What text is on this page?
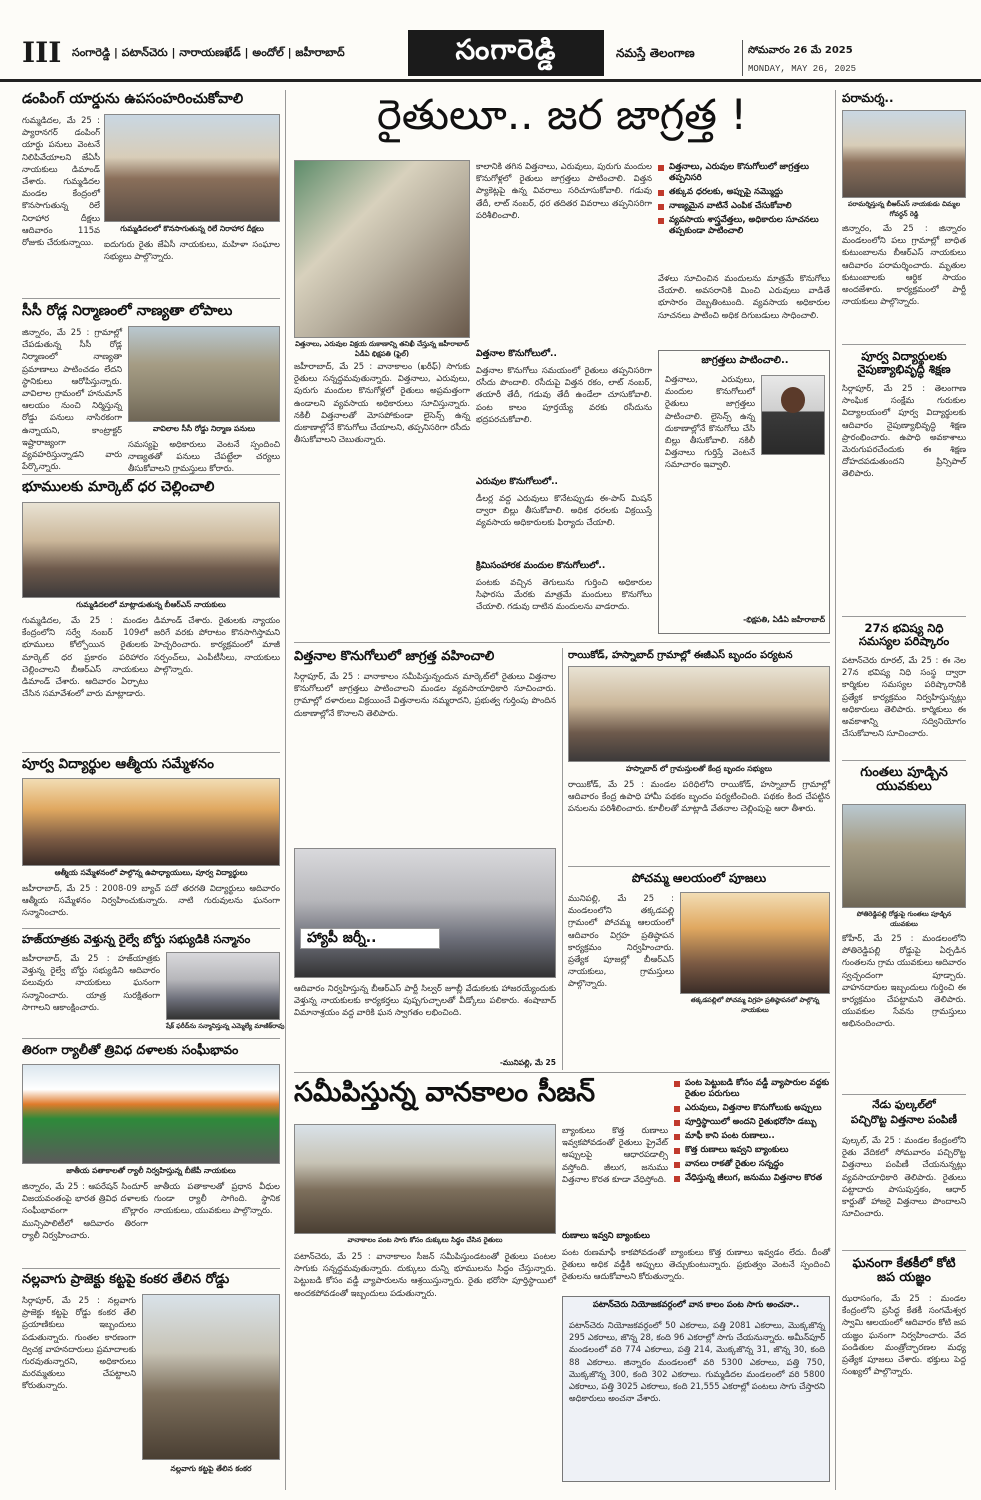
III సంగారెడ్డి | పటాన్‌చెరు | నారాయణఖేడ్ | అందోల్ | జహీరాబాద్	సంగారెడ్డి	నమస్తే తెలంగాణ	సోమవారం 26 మే 2025
MONDAY, MAY 26, 2025
డంపింగ్ యార్డును ఉపసంహరించుకోవాలి
గుమ్మడిదల, మే 25 : ప్యారానగర్ డంపింగ్ యార్డు పనులు వెంటనే నిలిపివేయాలని జేఏసీ నాయకులు డిమాండ్ చేశారు. గుమ్మడిదల మండల కేంద్రంలో కొనసాగుతున్న రిలే నిరాహార దీక్షలు ఆదివారం 115వ రోజుకు చేరుకున్నాయి.
గుమ్మడిదలలో కొనసాగుతున్న రిలే నిరాహార దీక్షలు
ఐదుగురు రైతు జేఏసీ నాయకులు, మహిళా సంఘాల సభ్యులు పాల్గొన్నారు.
సీసీ రోడ్ల నిర్మాణంలో నాణ్యతా లోపాలు
జిన్నారం, మే 25 : గ్రామాల్లో చేపడుతున్న సీసీ రోడ్ల నిర్మాణంలో నాణ్యతా ప్రమాణాలు పాటించడం లేదని స్థానికులు ఆరోపిస్తున్నారు. వావిలాల గ్రామంలో హనుమాన్ ఆలయం నుంచి నిర్మిస్తున్న రోడ్డు పనులు నాసిరకంగా ఉన్నాయని, కాంట్రాక్టర్ ఇష్టారాజ్యంగా వ్యవహరిస్తున్నాడని వారు పేర్కొన్నారు.
వావిలాల సీసీ రోడ్డు నిర్మాణ పనులు
సమస్యపై అధికారులు వెంటనే స్పందించి నాణ్యతతో పనులు చేపట్టేలా చర్యలు తీసుకోవాలని గ్రామస్తులు కోరారు.
భూములకు మార్కెట్ ధర చెల్లించాలి
గుమ్మడిదలలో మాట్లాడుతున్న బీఆర్ఎస్ నాయకులు
గుమ్మడిదల, మే 25 : మండల కేంద్రంలోని సర్వే నంబర్ 109లో భూములు కోల్పోయిన రైతులకు మార్కెట్ ధర ప్రకారం పరిహారం చెల్లించాలని బీఆర్ఎస్ నాయకులు డిమాండ్ చేశారు. ఆదివారం ఏర్పాటు చేసిన సమావేశంలో వారు మాట్లాడారు.
డిమాండ్ చేశారు. రైతులకు న్యాయం జరిగే వరకు పోరాటం కొనసాగిస్తామని హెచ్చరించారు. కార్యక్రమంలో మాజీ సర్పంచ్‌లు, ఎంపీటీసీలు, నాయకులు పాల్గొన్నారు.
పూర్వ విద్యార్థుల ఆత్మీయ సమ్మేళనం
ఆత్మీయ సమ్మేళనంలో పాల్గొన్న ఉపాధ్యాయులు, పూర్వ విద్యార్థులు
జహీరాబాద్, మే 25 : 2008-09 బ్యాచ్ పదో తరగతి విద్యార్థులు ఆదివారం ఆత్మీయ సమ్మేళనం నిర్వహించుకున్నారు. నాటి గురువులను ఘనంగా సన్మానించారు.
హజ్‌యాత్రకు వెళ్తున్న రైల్వే బోర్డు సభ్యుడికి సన్మానం
జహీరాబాద్, మే 25 : హజ్‌యాత్రకు వెళ్తున్న రైల్వే బోర్డు సభ్యుడిని ఆదివారం పలువురు నాయకులు ఘనంగా సన్మానించారు. యాత్ర సురక్షితంగా సాగాలని ఆకాంక్షించారు.
షేక్ ఫరీద్‌ను సన్మానిస్తున్న ఎమ్మెల్యే మాణిక్‌రావు
తిరంగా ర్యాలీతో త్రివిధ దళాలకు సంఘీభావం
జాతీయ పతాకాలతో ర్యాలీ నిర్వహిస్తున్న బీజేపీ నాయకులు
జిన్నారం, మే 25 : ఆపరేషన్ సిందూర్ విజయవంతంపై భారత త్రివిధ దళాలకు సంఘీభావంగా బొల్లారం మున్సిపాలిటీలో ఆదివారం తిరంగా ర్యాలీ నిర్వహించారు.
జాతీయ పతాకాలతో ప్రధాన వీధుల గుండా ర్యాలీ సాగింది. స్థానిక నాయకులు, యువకులు పాల్గొన్నారు.
నల్లవాగు ప్రాజెక్టు కట్టపై కంకర తేలిన రోడ్డు
సిర్గాపూర్, మే 25 : నల్లవాగు ప్రాజెక్టు కట్టపై రోడ్డు కంకర తేలి ప్రయాణికులు ఇబ్బందులు పడుతున్నారు. గుంతల కారణంగా ద్విచక్ర వాహనదారులు ప్రమాదాలకు గురవుతున్నారని, అధికారులు మరమ్మతులు చేపట్టాలని కోరుతున్నారు.
నల్లవాగు కట్టపై తేలిన కంకర
రైతులూ.. జర జాగ్రత్త !
విత్తనాలు, ఎరువుల విక్రయ దుకాణాన్ని తనిఖీ చేస్తున్న జహీరాబాద్ ఏడీఏ భిక్షపతి (ఫైల్)
కాలానికి తగిన విత్తనాలు, ఎరువులు, పురుగు మందుల కొనుగోళ్లలో రైతులు జాగ్రత్తలు పాటించాలి. విత్తన ప్యాకెట్లపై ఉన్న వివరాలు సరిచూసుకోవాలి. గడువు తేదీ, లాట్ నంబర్, ధర తదితర వివరాలు తప్పనిసరిగా పరిశీలించాలి.
విత్తనాలు, ఎరువుల కొనుగోలులో జాగ్రత్తలు తప్పనిసరి
తక్కువ ధరలకు, అప్పుపై నమ్మొద్దు
నాణ్యమైన వాటినే ఎంపిక చేసుకోవాలి
వ్యవసాయ శాస్త్రవేత్తలు, అధికారుల సూచనలు తప్పకుండా పాటించాలి
వేళలు సూచించిన మందులను మాత్రమే కొనుగోలు చేయాలి. అవసరానికి మించి ఎరువులు వాడితే భూసారం దెబ్బతింటుంది. వ్యవసాయ అధికారుల సూచనలు పాటించి అధిక దిగుబడులు సాధించాలి.
జహీరాబాద్, మే 25 : వానాకాలం (ఖరీఫ్) సాగుకు రైతులు సన్నద్ధమవుతున్నారు. విత్తనాలు, ఎరువులు, పురుగు మందుల కొనుగోళ్లలో రైతులు అప్రమత్తంగా ఉండాలని వ్యవసాయ అధికారులు సూచిస్తున్నారు. నకిలీ విత్తనాలతో మోసపోకుండా లైసెన్స్ ఉన్న దుకాణాల్లోనే కొనుగోలు చేయాలని, తప్పనిసరిగా రసీదు తీసుకోవాలని చెబుతున్నారు.
విత్తనాల కొనుగోలులో..
విత్తనాల కొనుగోలు సమయంలో రైతులు తప్పనిసరిగా రసీదు పొందాలి. రసీదుపై విత్తన రకం, లాట్ నంబర్, తయారీ తేదీ, గడువు తేదీ ఉండేలా చూసుకోవాలి. పంట కాలం పూర్తయ్యే వరకు రసీదును భద్రపరచుకోవాలి.
ఎరువుల కొనుగోలులో..
డీలర్ల వద్ద ఎరువులు కొనేటప్పుడు ఈ-పాస్ మిషన్ ద్వారా బిల్లు తీసుకోవాలి. అధిక ధరలకు విక్రయిస్తే వ్యవసాయ అధికారులకు ఫిర్యాదు చేయాలి.
క్రిమిసంహారక మందుల కొనుగోలులో..
పంటకు వచ్చిన తెగులును గుర్తించి అధికారుల సిఫారసు మేరకు మాత్రమే మందులు కొనుగోలు చేయాలి. గడువు దాటిన మందులను వాడరాదు.
జాగ్రత్తలు పాటించాలి..
విత్తనాలు, ఎరువులు, మందుల కొనుగోలులో రైతులు జాగ్రత్తలు పాటించాలి. లైసెన్స్ ఉన్న దుకాణాల్లోనే కొనుగోలు చేసి బిల్లు తీసుకోవాలి. నకిలీ విత్తనాలు గుర్తిస్తే వెంటనే సమాచారం ఇవ్వాలి.
-భిక్షపతి, ఏడీఏ జహీరాబాద్
విత్తనాల కొనుగోలులో జాగ్రత్త వహించాలి
సిర్గాపూర్, మే 25 : వానాకాలం సమీపిస్తున్నందున మార్కెట్‌లో రైతులు విత్తనాల కొనుగోలులో జాగ్రత్తలు పాటించాలని మండల వ్యవసాయాధికారి సూచించారు. గ్రామాల్లో దళారులు విక్రయించే విత్తనాలను నమ్మరాదని, ప్రభుత్వ గుర్తింపు పొందిన దుకాణాల్లోనే కొనాలని తెలిపారు.
హ్యాపీ జర్నీ..
ఆదివారం నిర్వహిస్తున్న బీఆర్ఎస్ పార్టీ సిల్వర్ జూబ్లీ వేడుకలకు హాజరయ్యేందుకు వెళ్తున్న నాయకులకు కార్యకర్తలు పుష్పగుచ్ఛాలతో వీడ్కోలు పలికారు. శంషాబాద్ విమానాశ్రయం వద్ద వారికి ఘన స్వాగతం లభించింది.
-మునిపల్లి, మే 25
రాయికోడ్, హస్నాబాద్ గ్రామాల్లో ఈజీఎస్ బృందం పర్యటన
హస్నాబాద్ లో గ్రామస్తులతో కేంద్ర బృందం సభ్యులు
రాయికోడ్, మే 25 : మండల పరిధిలోని రాయికోడ్, హస్నాబాద్ గ్రామాల్లో ఆదివారం కేంద్ర ఉపాధి హామీ పథకం బృందం పర్యటించింది. పథకం కింద చేపట్టిన పనులను పరిశీలించారు. కూలీలతో మాట్లాడి వేతనాల చెల్లింపుపై ఆరా తీశారు.
పోచమ్మ ఆలయంలో పూజలు
మునిపల్లి, మే 25 : మండలంలోని తక్కడపల్లి గ్రామంలో పోచమ్మ ఆలయంలో ఆదివారం విగ్రహ ప్రతిష్ఠాపన కార్యక్రమం నిర్వహించారు. ప్రత్యేక పూజల్లో బీఆర్ఎస్ నాయకులు, గ్రామస్తులు పాల్గొన్నారు.
తక్కడపల్లిలో పోచమ్మ విగ్రహ ప్రతిష్ఠాపనలో పాల్గొన్న నాయకులు
సమీపిస్తున్న వానకాలం సీజన్	పంట పెట్టుబడి కోసం వడ్డీ వ్యాపారుల వద్దకు రైతుల పరుగులు
ఎరువులు, విత్తనాల కొనుగోలుకు అప్పులు
పూర్తిస్థాయిలో అందని రైతుభరోసా డబ్బు
మాఫీ కాని పంట రుణాలు..
కొత్త రుణాలు ఇవ్వని బ్యాంకులు
వానలు రాకతో రైతుల సన్నద్ధం
వేధిస్తున్న జీలుగ, జనుము విత్తనాల కొరత
వానాకాలం పంట సాగు కోసం దుక్కులు సిద్ధం చేసిన రైతులు
బ్యాంకులు కొత్త రుణాలు ఇవ్వకపోవడంతో రైతులు ప్రైవేట్ అప్పులపై ఆధారపడాల్సి వస్తోంది. జీలుగ, జనుము విత్తనాల కొరత కూడా వేధిస్తోంది.
రుణాలు ఇవ్వని బ్యాంకులు
పటాన్‌చెరు, మే 25 : వానాకాలం సీజన్ సమీపిస్తుండటంతో రైతులు పంటల సాగుకు సన్నద్ధమవుతున్నారు. దుక్కులు దున్ని భూములను సిద్ధం చేస్తున్నారు. పెట్టుబడి కోసం వడ్డీ వ్యాపారులను ఆశ్రయిస్తున్నారు. రైతు భరోసా పూర్తిస్థాయిలో అందకపోవడంతో ఇబ్బందులు పడుతున్నారు.
పంట రుణమాఫీ కాకపోవడంతో బ్యాంకులు కొత్త రుణాలు ఇవ్వడం లేదు. దీంతో రైతులు అధిక వడ్డీకి అప్పులు తెచ్చుకుంటున్నారు. ప్రభుత్వం వెంటనే స్పందించి రైతులను ఆదుకోవాలని కోరుతున్నారు.
పటాన్‌చెరు నియోజకవర్గంలో వాన కాలం పంట సాగు అంచనా..
పటాన్‌చెరు నియోజకవర్గంలో 50 ఎకరాలు, పత్తి 2081 ఎకరాలు, మొక్కజొన్న 295 ఎకరాలు, జొన్న 28, కంది 96 ఎకరాల్లో సాగు చేయనున్నారు. అమీన్‌పూర్ మండలంలో వరి 774 ఎకరాలు, పత్తి 214, మొక్కజొన్న 31, జొన్న 30, కంది 88 ఎకరాలు. జిన్నారం మండలంలో వరి 5300 ఎకరాలు, పత్తి 750, మొక్కజొన్న 300, కంది 302 ఎకరాలు. గుమ్మడిదల మండలంలో వరి 5800 ఎకరాలు, పత్తి 3025 ఎకరాలు, కంది 21,555 ఎకరాల్లో పంటలు సాగు చేస్తారని అధికారులు అంచనా వేశారు.
పరామర్శ..
పరామర్శిస్తున్న బీఆర్ఎస్ నాయకుడు చిమ్మల గోవర్ధన్ రెడ్డి
జిన్నారం, మే 25 : జిన్నారం మండలంలోని పలు గ్రామాల్లో బాధిత కుటుంబాలను బీఆర్ఎస్ నాయకులు ఆదివారం పరామర్శించారు. మృతుల కుటుంబాలకు ఆర్థిక సాయం అందజేశారు. కార్యక్రమంలో పార్టీ నాయకులు పాల్గొన్నారు.
పూర్వ విద్యార్థులకు నైపుణ్యాభివృద్ధి శిక్షణ
సిర్గాపూర్, మే 25 : తెలంగాణ సాంఘిక సంక్షేమ గురుకుల విద్యాలయంలో పూర్వ విద్యార్థులకు ఆదివారం నైపుణ్యాభివృద్ధి శిక్షణ ప్రారంభించారు. ఉపాధి అవకాశాలు మెరుగుపరచేందుకు ఈ శిక్షణ దోహదపడుతుందని ప్రిన్సిపాల్ తెలిపారు.
27న భవిష్య నిధి సమస్యల పరిష్కారం
పటాన్‌చెరు రూరల్, మే 25 : ఈ నెల 27న భవిష్య నిధి సంస్థ ద్వారా కార్మికుల సమస్యల పరిష్కారానికి ప్రత్యేక కార్యక్రమం నిర్వహిస్తున్నట్లు అధికారులు తెలిపారు. కార్మికులు ఈ అవకాశాన్ని సద్వినియోగం చేసుకోవాలని సూచించారు.
గుంతలు పూడ్చిన యువకులు
పోతిరెడ్డిపల్లి రోడ్డుపై గుంతలు పూడ్చిన యువకులు
కోహీర్, మే 25 : మండలంలోని పోతిరెడ్డిపల్లి రోడ్డుపై ఏర్పడిన గుంతలను గ్రామ యువకులు ఆదివారం స్వచ్ఛందంగా పూడ్చారు. వాహనదారుల ఇబ్బందులు గుర్తించి ఈ కార్యక్రమం చేపట్టామని తెలిపారు. యువకుల సేవను గ్రామస్తులు అభినందించారు.
నేడు ఫుల్కల్‌లో
పచ్చిరొట్ట విత్తనాల పంపిణీ
పుల్కల్, మే 25 : మండల కేంద్రంలోని రైతు వేదికలో సోమవారం పచ్చిరొట్ట విత్తనాలు పంపిణీ చేయనున్నట్లు వ్యవసాయాధికారి తెలిపారు. రైతులు పట్టాదారు పాసుపుస్తకం, ఆధార్ కార్డుతో హాజరై విత్తనాలు పొందాలని సూచించారు.
ఘనంగా కేతకీలో కోటి జప యజ్ఞం
ఝరాసంగం, మే 25 : మండల కేంద్రంలోని ప్రసిద్ధ కేతకీ సంగమేశ్వర స్వామి ఆలయంలో ఆదివారం కోటి జప యజ్ఞం ఘనంగా నిర్వహించారు. వేద పండితుల మంత్రోచ్ఛారణల మధ్య ప్రత్యేక పూజలు చేశారు. భక్తులు పెద్ద సంఖ్యలో పాల్గొన్నారు.
